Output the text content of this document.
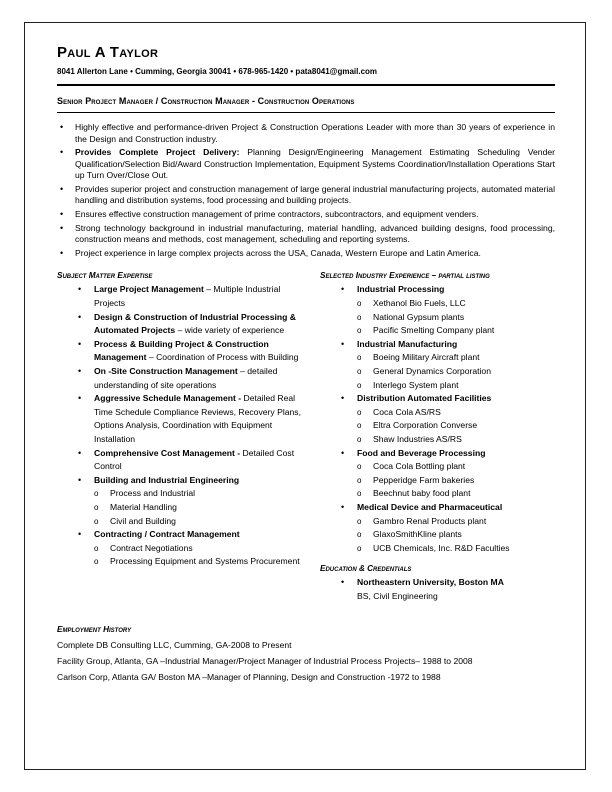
Paul A Taylor
8041 Allerton Lane • Cumming, Georgia 30041 • 678-965-1420 • pata8041@gmail.com
Senior Project Manager / Construction Manager - Construction Operations
• Highly effective and performance-driven Project & Construction Operations Leader with more than 30 years of experience in the Design and Construction industry.
• Provides Complete Project Delivery: Planning Design/Engineering Management Estimating Scheduling Vender Qualification/Selection Bid/Award Construction Implementation, Equipment Systems Coordination/Installation Operations Start up Turn Over/Close Out.
• Provides superior project and construction management of large general industrial manufacturing projects, automated material handling and distribution systems, food processing and building projects.
• Ensures effective construction management of prime contractors, subcontractors, and equipment venders.
• Strong technology background in industrial manufacturing, material handling, advanced building designs, food processing, construction means and methods, cost management, scheduling and reporting systems.
• Project experience in large complex projects across the USA, Canada, Western Europe and Latin America.
Subject Matter Expertise
• Large Project Management – Multiple Industrial Projects
• Design & Construction of Industrial Processing & Automated Projects – wide variety of experience
• Process & Building Project & Construction Management – Coordination of Process with Building
• On -Site Construction Management – detailed understanding of site operations
• Aggressive Schedule Management - Detailed Real Time Schedule Compliance Reviews, Recovery Plans, Options Analysis, Coordination with Equipment Installation
• Comprehensive Cost Management - Detailed Cost Control
• Building and Industrial Engineering
o Process and Industrial
o Material Handling
o Civil and Building
• Contracting / Contract Management
o Contract Negotiations
o Processing Equipment and Systems Procurement
Selected Industry Experience – partial listing
• Industrial Processing
o Xethanol Bio Fuels, LLC
o National Gypsum plants
o Pacific Smelting Company plant
• Industrial Manufacturing
o Boeing Military Aircraft plant
o General Dynamics Corporation
o Interlego System plant
• Distribution Automated Facilities
o Coca Cola AS/RS
o Eltra Corporation Converse
o Shaw Industries AS/RS
• Food and Beverage Processing
o Coca Cola Bottling plant
o Pepperidge Farm bakeries
o Beechnut baby food plant
• Medical Device and Pharmaceutical
o Gambro Renal Products plant
o GlaxoSmithKline plants
o UCB Chemicals, Inc. R&D Faculties
Education & Credentials
• Northeastern University, Boston MA
BS, Civil Engineering
Employment History
Complete DB Consulting LLC, Cumming, GA-2008 to Present
Facility Group, Atlanta, GA –Industrial Manager/Project Manager of Industrial Process Projects– 1988 to 2008
Carlson Corp, Atlanta GA/ Boston MA –Manager of Planning, Design and Construction -1972 to 1988
